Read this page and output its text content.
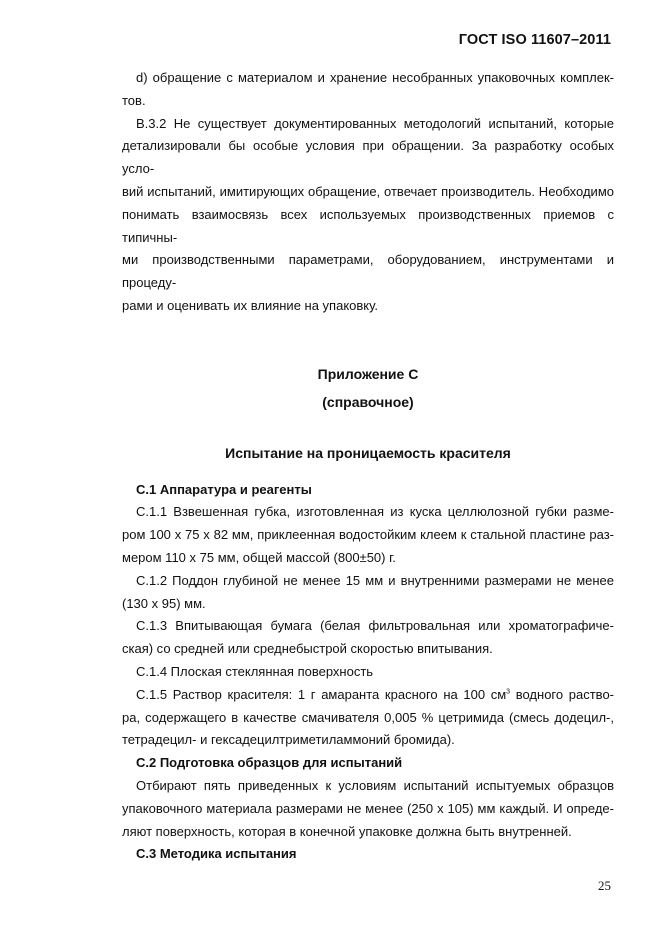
ГОСТ ISO 11607–2011

d) обращение с материалом и хранение несобранных упаковочных комплек-

тов.

В.3.2 Не существует документированных методологий испытаний, которые

детализировали бы особые условия при обращении. За разработку особых усло-

вий испытаний, имитирующих обращение, отвечает производитель. Необходимо

понимать взаимосвязь всех используемых производственных приемов с типичны-

ми производственными параметрами, оборудованием, инструментами и процеду-

рами и оценивать их влияние на упаковку.

Приложение С

(справочное)

Испытание на проницаемость красителя

С.1 Аппаратура и реагенты

С.1.1 Взвешенная губка, изготовленная из куска целлюлозной губки разме-

ром 100 х 75 х 82 мм, приклеенная водостойким клеем к стальной пластине раз-

мером 110 х 75 мм, общей массой (800±50) г.

С.1.2 Поддон глубиной не менее 15 мм и внутренними размерами не менее

(130 х 95) мм.

С.1.3 Впитывающая бумага (белая фильтровальная или хроматографиче-

ская) со средней или среднебыстрой скоростью впитывания.

С.1.4 Плоская стеклянная поверхность

С.1.5 Раствор красителя: 1 г амаранта красного на 100 $см^3$ водного раство-

ра, содержащего в качестве смачивателя 0,005 % цетримида (смесь додецил-,

тетрадецил- и гексадецилтриметиламмоний бромида).

С.2 Подготовка образцов для испытаний

Отбирают пять приведенных к условиям испытаний испытуемых образцов

упаковочного материала размерами не менее (250 х 105) мм каждый. И опреде-

ляют поверхность, которая в конечной упаковке должна быть внутренней.

С.3 Методика испытания

25
